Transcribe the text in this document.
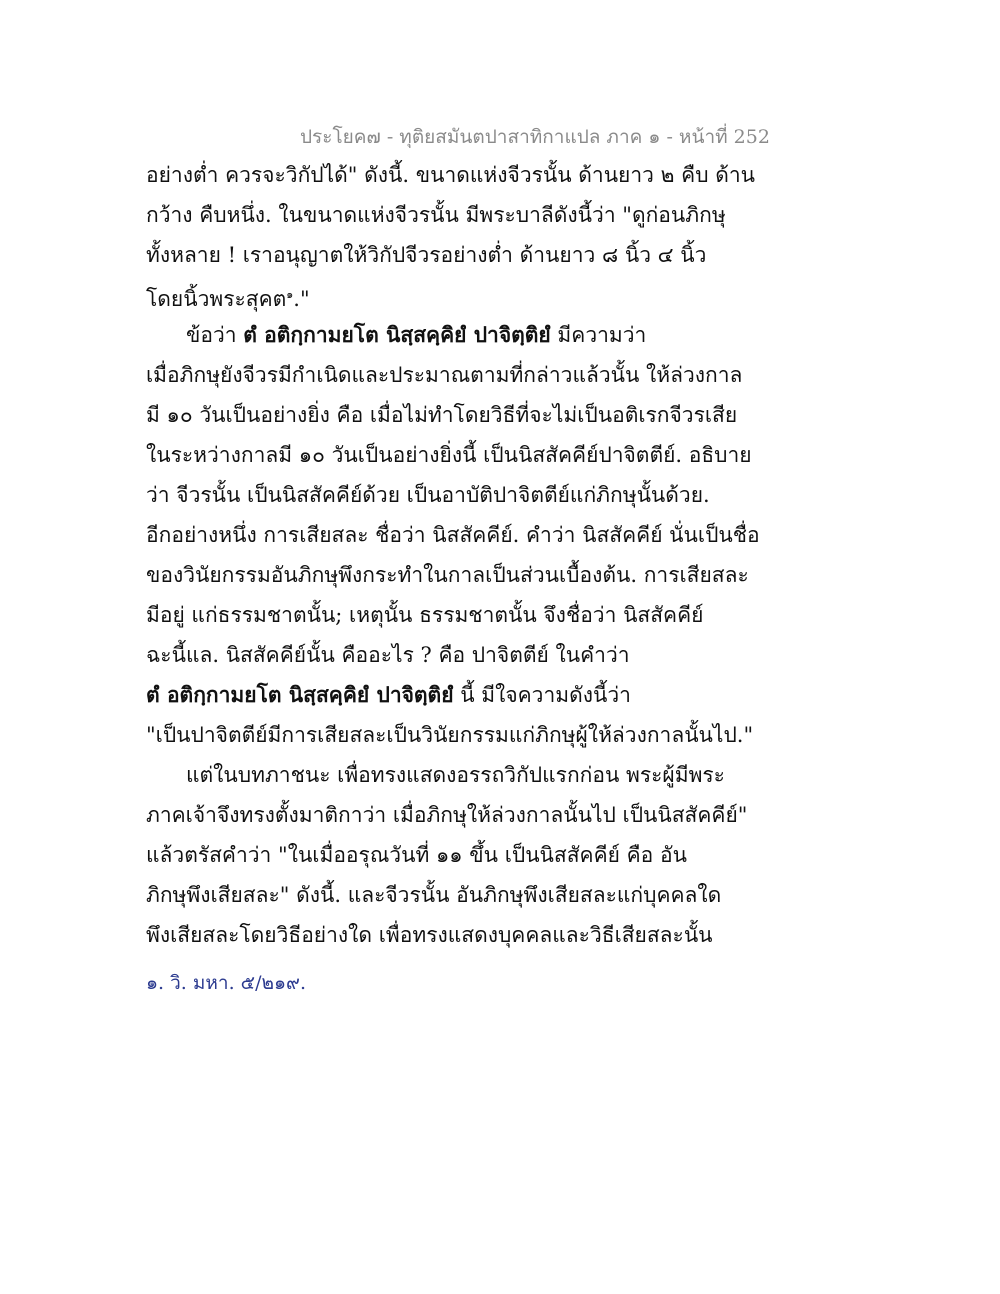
ประโยค๗ - ทุติยสมันตปาสาทิกาแปล ภาค ๑ - หน้าที่ 252
อย่างต่ำ ควรจะวิกัปได้" ดังนี้. ขนาดแห่งจีวรนั้น ด้านยาว ๒ คืบ ด้าน
กว้าง คืบหนึ่ง. ในขนาดแห่งจีวรนั้น มีพระบาลีดังนี้ว่า "ดูก่อนภิกษุ
ทั้งหลาย ! เราอนุญาตให้วิกัปจีวรอย่างต่ำ ด้านยาว ๘ นิ้ว ๔ นิ้ว
โดยนิ้วพระสุคต$^๑$."
ข้อว่า ตํ อติกฺกามยโต นิสฺสคฺคิยํ ปาจิตฺติยํ มีความว่า
เมื่อภิกษุยังจีวรมีกำเนิดและประมาณตามที่กล่าวแล้วนั้น ให้ล่วงกาล
มี ๑๐ วันเป็นอย่างยิ่ง คือ เมื่อไม่ทำโดยวิธีที่จะไม่เป็นอติเรกจีวรเสีย
ในระหว่างกาลมี ๑๐ วันเป็นอย่างยิ่งนี้ เป็นนิสสัคคีย์ปาจิตตีย์. อธิบาย
ว่า จีวรนั้น เป็นนิสสัคคีย์ด้วย เป็นอาบัติปาจิตตีย์แก่ภิกษุนั้นด้วย.
อีกอย่างหนึ่ง การเสียสละ ชื่อว่า นิสสัคคีย์. คำว่า นิสสัคคีย์ นั่นเป็นชื่อ
ของวินัยกรรมอันภิกษุพึงกระทำในกาลเป็นส่วนเบื้องต้น. การเสียสละ
มีอยู่ แก่ธรรมชาตนั้น; เหตุนั้น ธรรมชาตนั้น จึงชื่อว่า นิสสัคคีย์
ฉะนี้แล. นิสสัคคีย์นั้น คืออะไร ? คือ ปาจิตตีย์ ในคำว่า
ตํ อติกฺกามยโต นิสฺสคฺคิยํ ปาจิตฺติยํ นี้ มีใจความดังนี้ว่า
"เป็นปาจิตตีย์มีการเสียสละเป็นวินัยกรรมแก่ภิกษุผู้ให้ล่วงกาลนั้นไป."
แต่ในบทภาชนะ เพื่อทรงแสดงอรรถวิกัปแรกก่อน พระผู้มีพระ
ภาคเจ้าจึงทรงตั้งมาติกาว่า เมื่อภิกษุให้ล่วงกาลนั้นไป เป็นนิสสัคคีย์"
แล้วตรัสคำว่า "ในเมื่ออรุณวันที่ ๑๑ ขึ้น เป็นนิสสัคคีย์ คือ อัน
ภิกษุพึงเสียสละ" ดังนี้. และจีวรนั้น อันภิกษุพึงเสียสละแก่บุคคลใด
พึงเสียสละโดยวิธีอย่างใด เพื่อทรงแสดงบุคคลและวิธีเสียสละนั้น
๑. วิ. มหา. ๕/๒๑๙.
